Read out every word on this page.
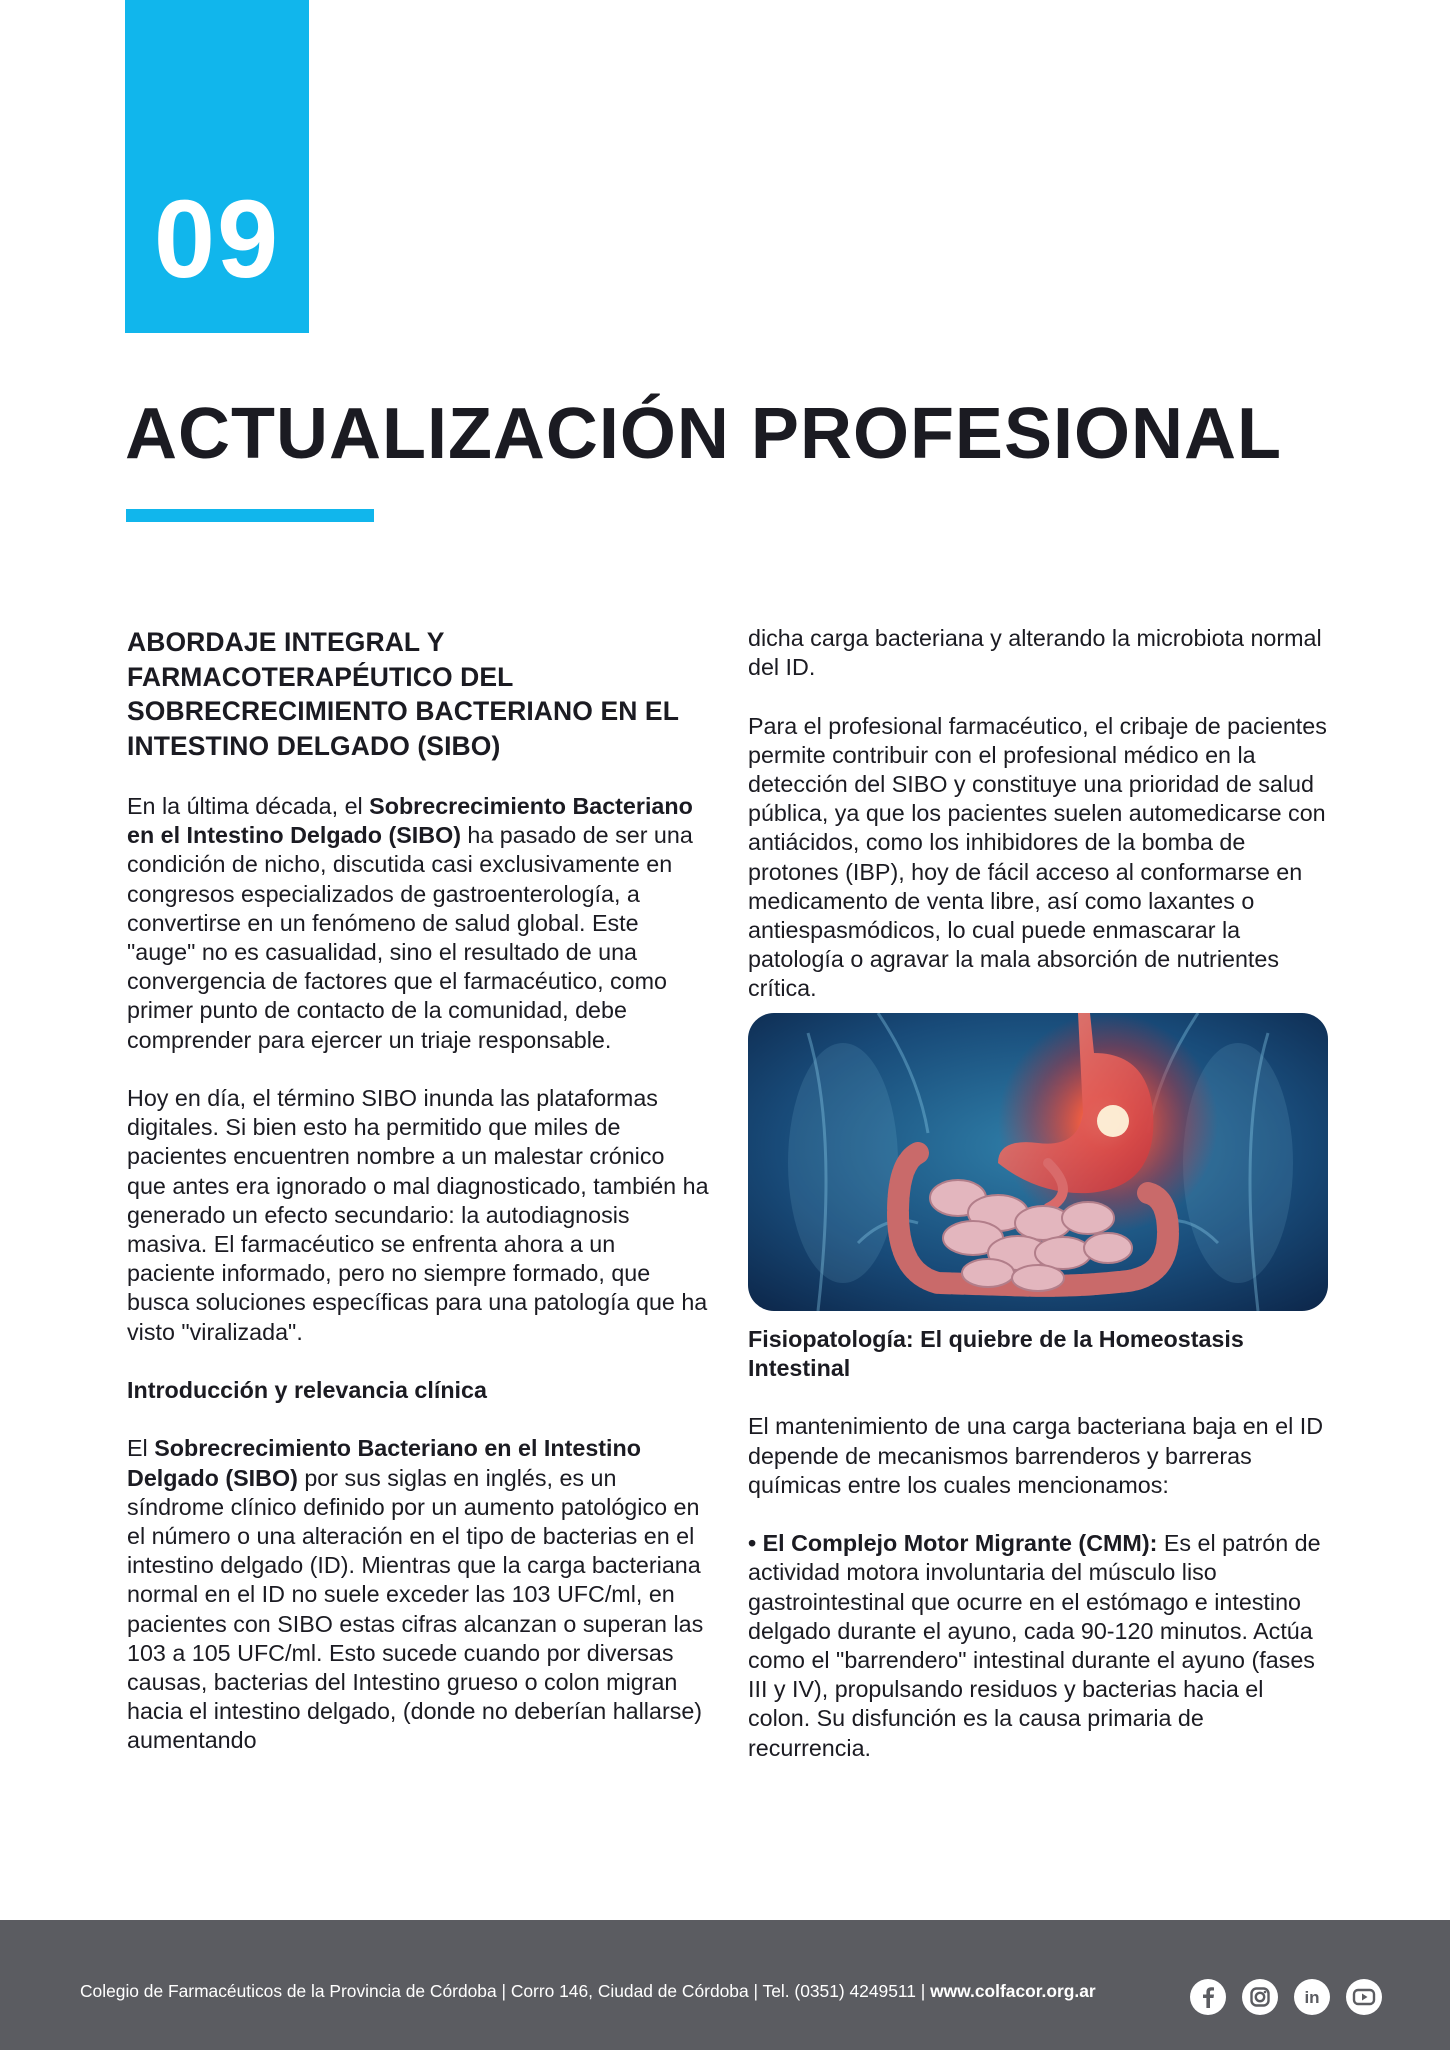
09
ACTUALIZACIÓN PROFESIONAL
ABORDAJE INTEGRAL Y FARMACOTERAPÉUTICO DEL SOBRECRECIMIENTO BACTERIANO EN EL INTESTINO DELGADO (SIBO)

En la última década, el Sobrecrecimiento Bacteriano en el Intestino Delgado (SIBO) ha pasado de ser una condición de nicho, discutida casi exclusivamente en congresos especializados de gastroenterología, a convertirse en un fenómeno de salud global. Este "auge" no es casualidad, sino el resultado de una convergencia de factores que el farmacéutico, como primer punto de contacto de la comunidad, debe comprender para ejercer un triaje responsable.

Hoy en día, el término SIBO inunda las plataformas digitales. Si bien esto ha permitido que miles de pacientes encuentren nombre a un malestar crónico que antes era ignorado o mal diagnosticado, también ha generado un efecto secundario: la autodiagnosis masiva. El farmacéutico se enfrenta ahora a un paciente informado, pero no siempre formado, que busca soluciones específicas para una patología que ha visto "viralizada".

Introducción y relevancia clínica

El Sobrecrecimiento Bacteriano en el Intestino Delgado (SIBO) por sus siglas en inglés, es un síndrome clínico definido por un aumento patológico en el número o una alteración en el tipo de bacterias en el intestino delgado (ID). Mientras que la carga bacteriana normal en el ID no suele exceder las 103 UFC/ml, en pacientes con SIBO estas cifras alcanzan o superan las 103 a 105 UFC/ml. Esto sucede cuando por diversas causas, bacterias del Intestino grueso o colon migran hacia el intestino delgado, (donde no deberían hallarse) aumentando

dicha carga bacteriana y alterando la microbiota normal del ID.

Para el profesional farmacéutico, el cribaje de pacientes permite contribuir con el profesional médico en la detección del SIBO y constituye una prioridad de salud pública, ya que los pacientes suelen automedicarse con antiácidos, como los inhibidores de la bomba de protones (IBP), hoy de fácil acceso al conformarse en medicamento de venta libre, así como laxantes o antiespasmódicos, lo cual puede enmascarar la patología o agravar la mala absorción de nutrientes crítica.

Fisiopatología: El quiebre de la Homeostasis Intestinal

El mantenimiento de una carga bacteriana baja en el ID depende de mecanismos barrenderos y barreras químicas entre los cuales mencionamos:

• El Complejo Motor Migrante (CMM): Es el patrón de actividad motora involuntaria del músculo liso gastrointestinal que ocurre en el estómago e intestino delgado durante el ayuno, cada 90-120 minutos. Actúa como el "barrendero" intestinal durante el ayuno (fases III y IV), propulsando residuos y bacterias hacia el colon. Su disfunción es la causa primaria de recurrencia.

Colegio de Farmacéuticos de la Provincia de Córdoba | Corro 146, Ciudad de Córdoba | Tel. (0351) 4249511 | www.colfacor.org.ar	in
